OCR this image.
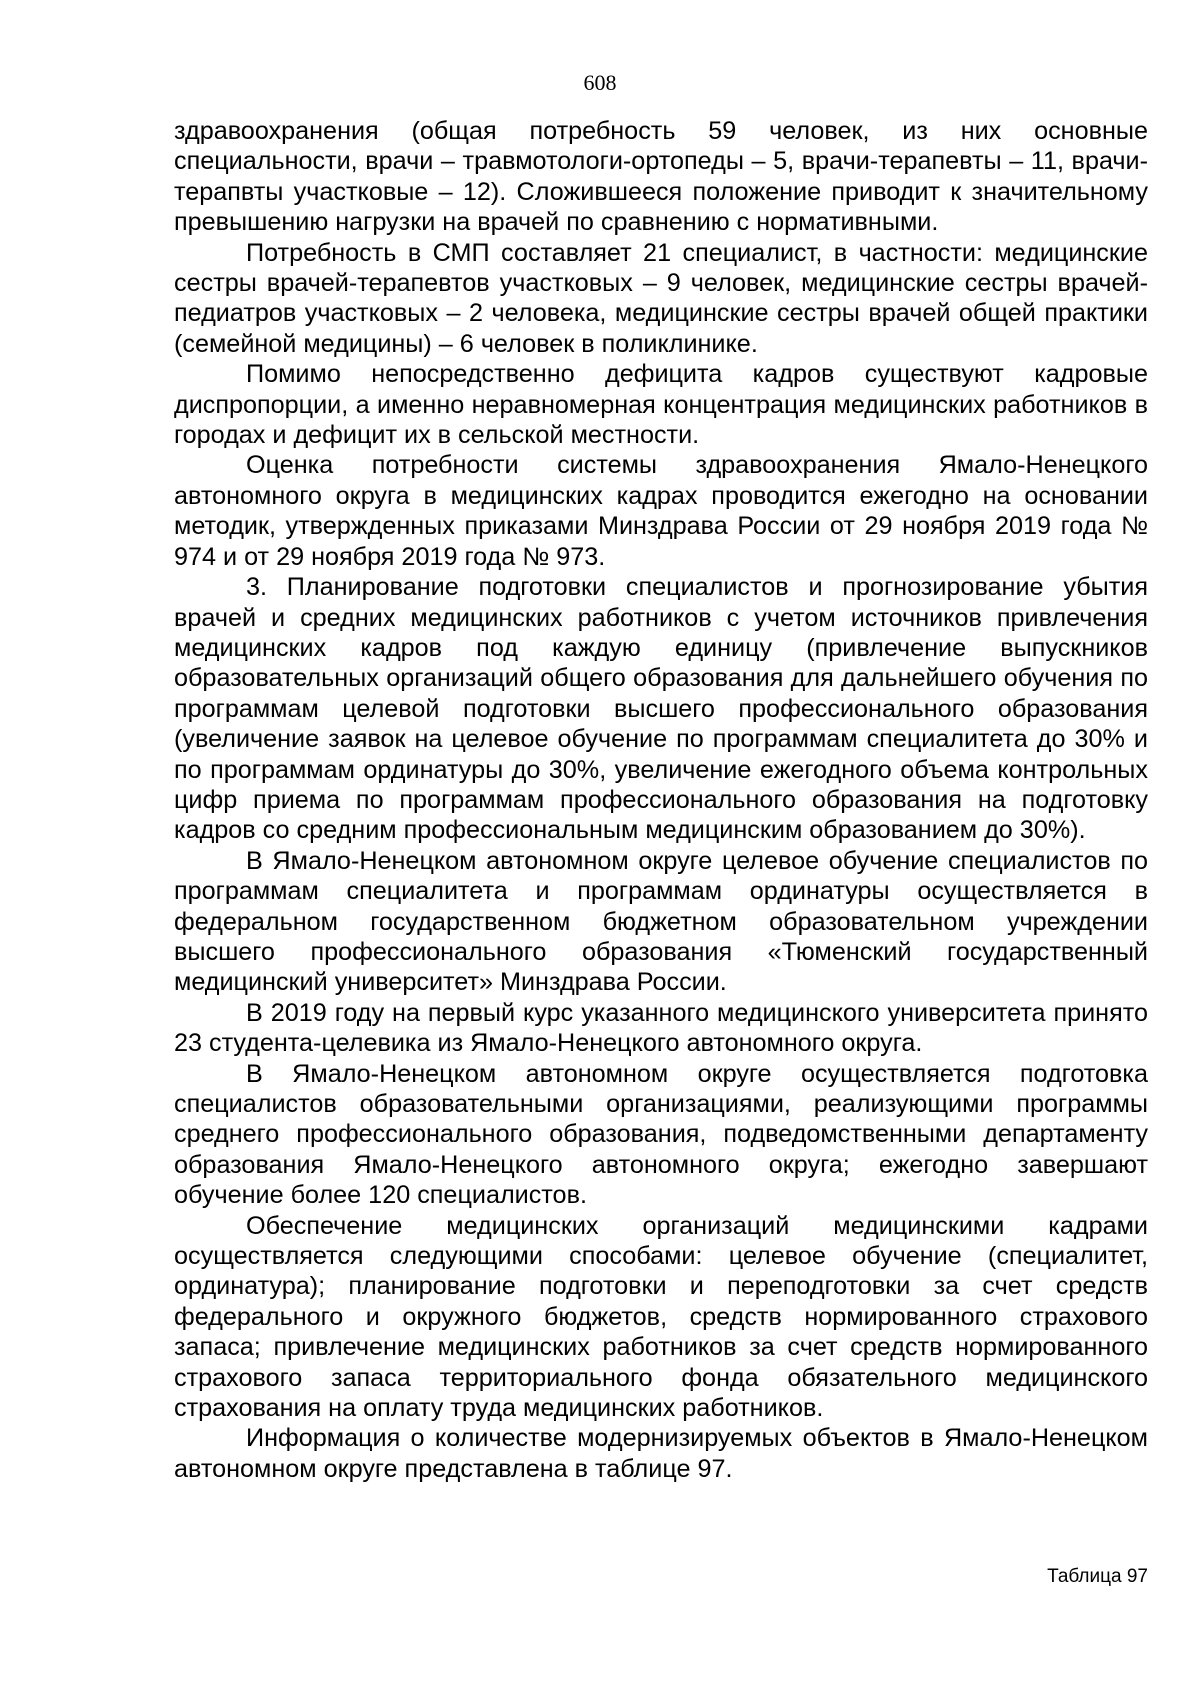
608

здравоохранения (общая потребность 59 человек, из них основные специальности, врачи – травмотологи-ортопеды – 5, врачи-терапевты – 11, врачи-терапвты участковые – 12). Сложившееся положение приводит к значительному превышению нагрузки на врачей по сравнению с нормативными.

Потребность в СМП составляет 21 специалист, в частности: медицинские сестры врачей-терапевтов участковых – 9 человек, медицинские сестры врачей-педиатров участковых – 2 человека, медицинские сестры врачей общей практики (семейной медицины) – 6 человек в поликлинике.

Помимо непосредственно дефицита кадров существуют кадровые диспропорции, а именно неравномерная концентрация медицинских работников в городах и дефицит их в сельской местности.

Оценка потребности системы здравоохранения Ямало-Ненецкого автономного округа в медицинских кадрах проводится ежегодно на основании методик, утвержденных приказами Минздрава России от 29 ноября 2019 года № 974 и от 29 ноября 2019 года № 973.

3. Планирование подготовки специалистов и прогнозирование убытия врачей и средних медицинских работников с учетом источников привлечения медицинских кадров под каждую единицу (привлечение выпускников образовательных организаций общего образования для дальнейшего обучения по программам целевой подготовки высшего профессионального образования (увеличение заявок на целевое обучение по программам специалитета до 30% и по программам ординатуры до 30%, увеличение ежегодного объема контрольных цифр приема по программам профессионального образования на подготовку кадров со средним профессиональным медицинским образованием до 30%).

В Ямало-Ненецком автономном округе целевое обучение специалистов по программам специалитета и программам ординатуры осуществляется в федеральном государственном бюджетном образовательном учреждении высшего профессионального образования «Тюменский государственный медицинский университет» Минздрава России.

В 2019 году на первый курс указанного медицинского университета принято 23 студента-целевика из Ямало-Ненецкого автономного округа.

В Ямало-Ненецком автономном округе осуществляется подготовка специалистов образовательными организациями, реализующими программы среднего профессионального образования, подведомственными департаменту образования Ямало-Ненецкого автономного округа; ежегодно завершают обучение более 120 специалистов.

Обеспечение медицинских организаций медицинскими кадрами осуществляется следующими способами: целевое обучение (специалитет, ординатура); планирование подготовки и переподготовки за счет средств федерального и окружного бюджетов, средств нормированного страхового запаса; привлечение медицинских работников за счет средств нормированного страхового запаса территориального фонда обязательного медицинского страхования на оплату труда медицинских работников.

Информация о количестве модернизируемых объектов в Ямало-Ненецком автономном округе представлена в таблице 97.

Таблица 97
